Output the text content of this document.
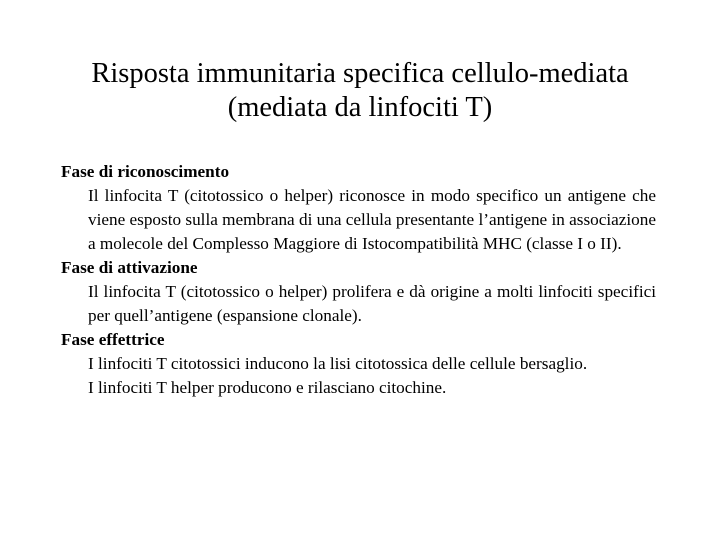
Risposta immunitaria specifica cellulo-mediata
(mediata da linfociti T)

Fase di riconoscimento

Il linfocita T (citotossico o helper) riconosce in modo specifico un antigene che viene esposto sulla membrana di una cellula presentante l’antigene in associazione a molecole del Complesso Maggiore di Istocompatibilità MHC (classe I o II).

Fase di attivazione

Il linfocita T (citotossico o helper) prolifera e dà origine a molti linfociti specifici per quell’antigene (espansione clonale).

Fase effettrice

I linfociti T citotossici inducono la lisi citotossica delle cellule bersaglio.

I linfociti T helper producono e rilasciano citochine.
